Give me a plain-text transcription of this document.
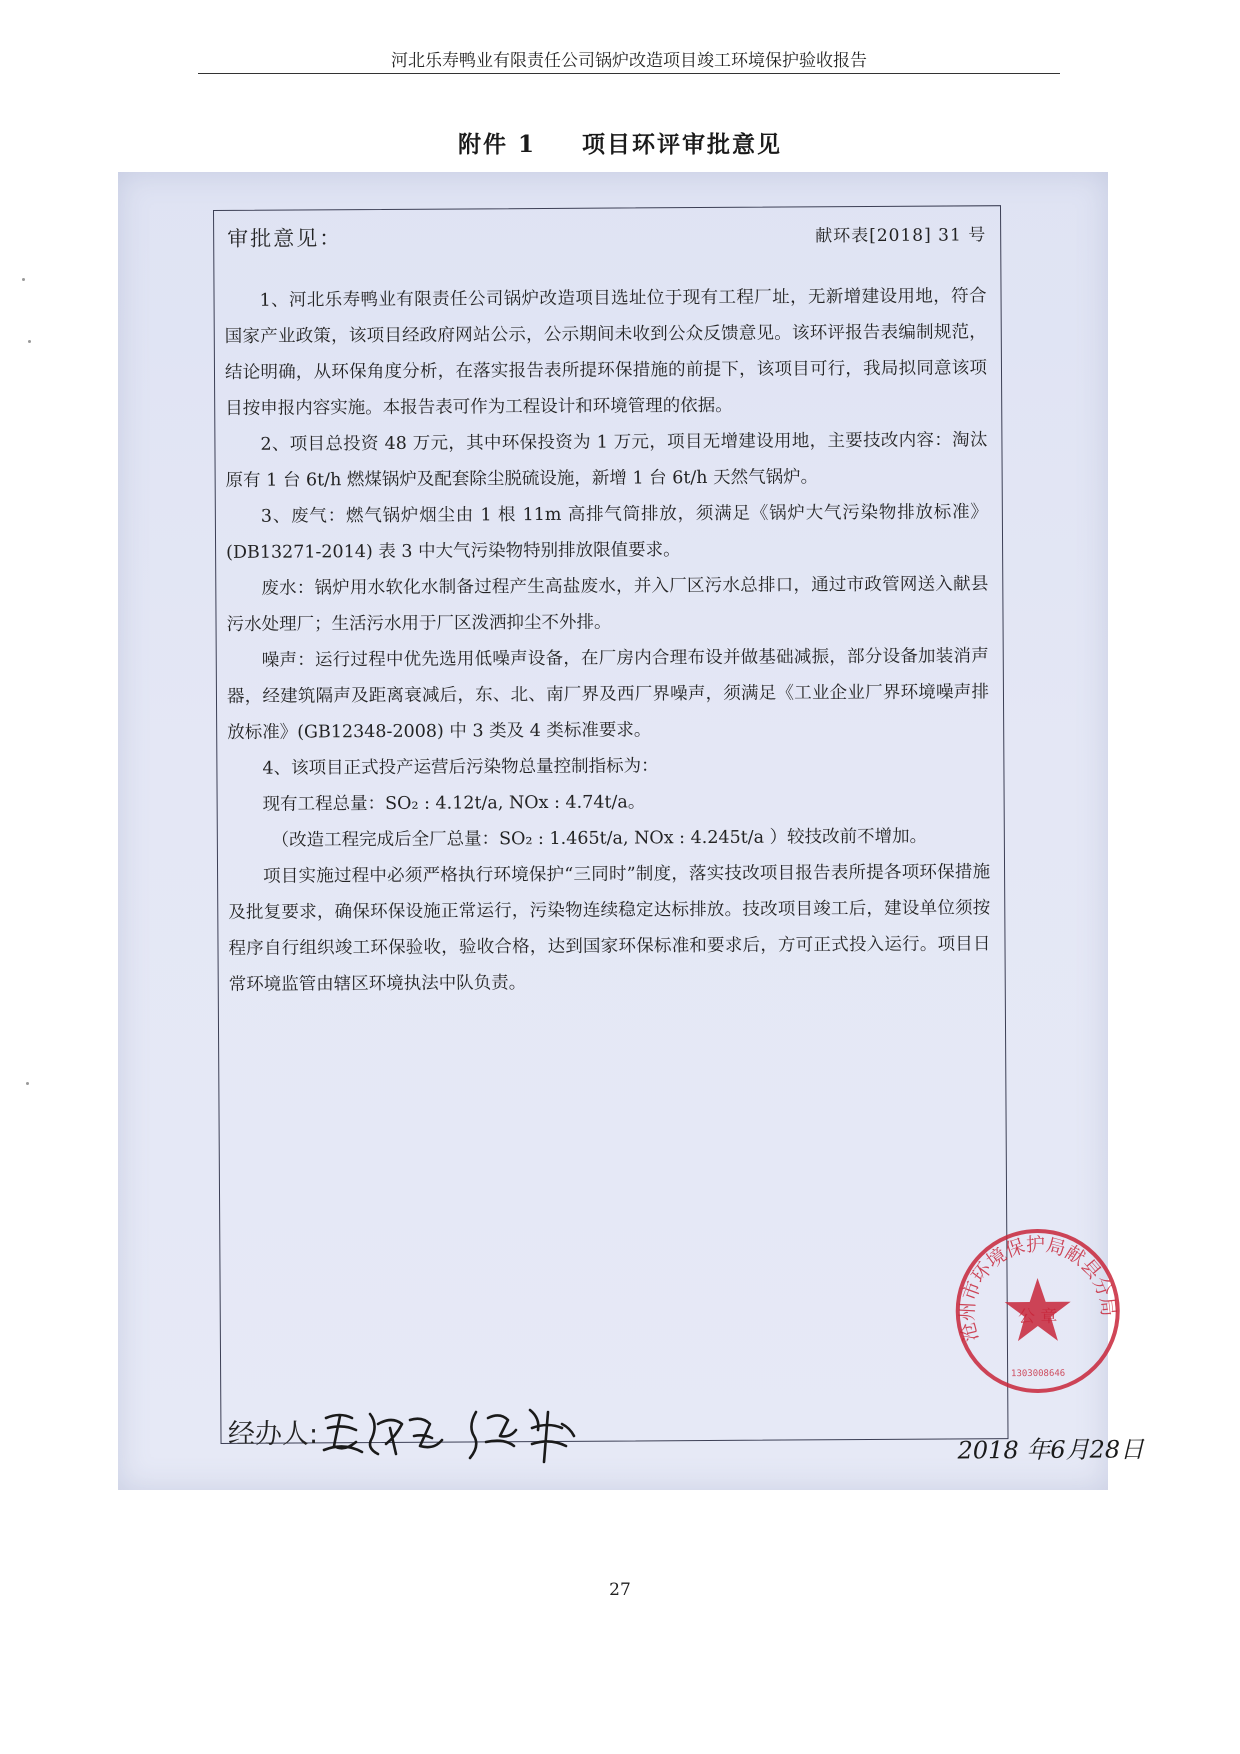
河北乐寿鸭业有限责任公司锅炉改造项目竣工环境保护验收报告
附件 1 项目环评审批意见
审批意见：	献环表[2018] 31 号

1、河北乐寿鸭业有限责任公司锅炉改造项目选址位于现有工程厂址，无新增建设用地，符合国家产业政策，该项目经政府网站公示，公示期间未收到公众反馈意见。该环评报告表编制规范，结论明确，从环保角度分析，在落实报告表所提环保措施的前提下，该项目可行，我局拟同意该项目按申报内容实施。本报告表可作为工程设计和环境管理的依据。

2、项目总投资 48 万元，其中环保投资为 1 万元，项目无增建设用地，主要技改内容：淘汰原有 1 台 6t/h 燃煤锅炉及配套除尘脱硫设施，新增 1 台 6t/h 天然气锅炉。

3、废气：燃气锅炉烟尘由 1 根 11m 高排气筒排放，须满足《锅炉大气污染物排放标准》(DB13271-2014) 表 3 中大气污染物特别排放限值要求。

废水：锅炉用水软化水制备过程产生高盐废水，并入厂区污水总排口，通过市政管网送入献县污水处理厂；生活污水用于厂区泼洒抑尘不外排。

噪声：运行过程中优先选用低噪声设备，在厂房内合理布设并做基础减振，部分设备加装消声器，经建筑隔声及距离衰减后，东、北、南厂界及西厂界噪声，须满足《工业企业厂界环境噪声排放标准》(GB12348-2008) 中 3 类及 4 类标准要求。

4、该项目正式投产运营后污染物总量控制指标为：

现有工程总量：SO₂ : 4.12t/a, NOx : 4.74t/a。

（改造工程完成后全厂总量：SO₂ : 1.465t/a, NOx : 4.245t/a ）较技改前不增加。

项目实施过程中必须严格执行环境保护“三同时”制度，落实技改项目报告表所提各项环保措施及批复要求，确保环保设施正常运行，污染物连续稳定达标排放。技改项目竣工后，建设单位须按程序自行组织竣工环保验收，验收合格，达到国家环保标准和要求后，方可正式投入运行。项目日常环境监管由辖区环境执法中队负责。

沧州市环境保护局献县分局
公 章
1303008646
2018 年6月28日
经办人:
27
